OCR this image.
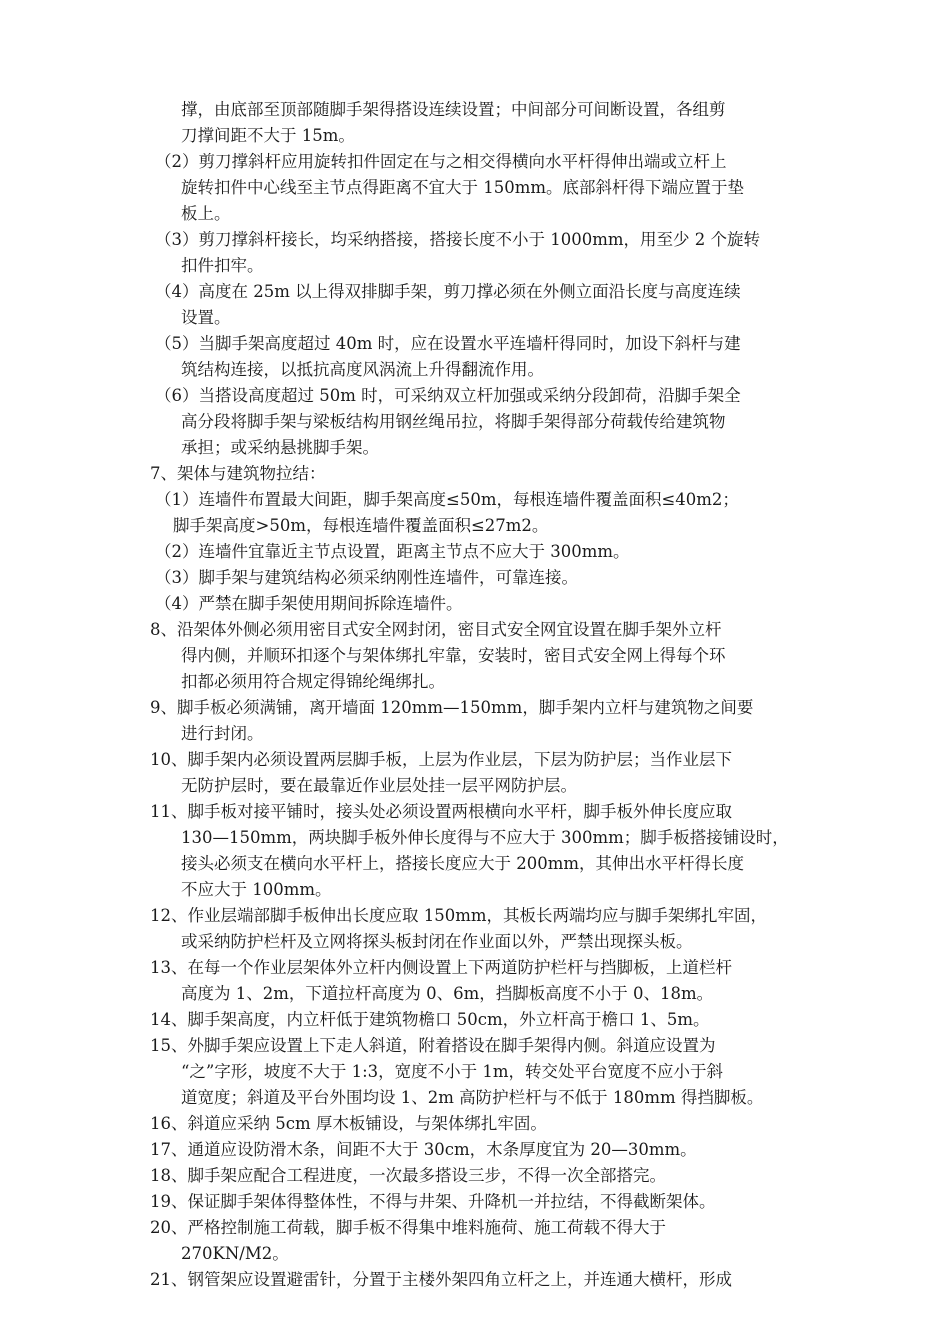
撑，由底部至顶部随脚手架得搭设连续设置；中间部分可间断设置，各组剪
刀撑间距不大于 15m。
（2）剪刀撑斜杆应用旋转扣件固定在与之相交得横向水平杆得伸出端或立杆上
旋转扣件中心线至主节点得距离不宜大于 150mm。底部斜杆得下端应置于垫
板上。
（3）剪刀撑斜杆接长，均采纳搭接，搭接长度不小于 1000mm，用至少 2 个旋转
扣件扣牢。
（4）高度在 25m 以上得双排脚手架，剪刀撑必须在外侧立面沿长度与高度连续
设置。
（5）当脚手架高度超过 40m 时，应在设置水平连墙杆得同时，加设下斜杆与建
筑结构连接，以抵抗高度风涡流上升得翻流作用。
（6）当搭设高度超过 50m 时，可采纳双立杆加强或采纳分段卸荷，沿脚手架全
高分段将脚手架与梁板结构用钢丝绳吊拉，将脚手架得部分荷载传给建筑物
承担；或采纳悬挑脚手架。
7、架体与建筑物拉结：
（1）连墙件布置最大间距，脚手架高度≤50m，每根连墙件覆盖面积≤40m2；
脚手架高度>50m，每根连墙件覆盖面积≤27m2。
（2）连墙件宜靠近主节点设置，距离主节点不应大于 300mm。
（3）脚手架与建筑结构必须采纳刚性连墙件，可靠连接。
（4）严禁在脚手架使用期间拆除连墙件。
8、沿架体外侧必须用密目式安全网封闭，密目式安全网宜设置在脚手架外立杆
得内侧，并顺环扣逐个与架体绑扎牢靠，安装时，密目式安全网上得每个环
扣都必须用符合规定得锦纶绳绑扎。
9、脚手板必须满铺，离开墙面 120mm—150mm，脚手架内立杆与建筑物之间要
进行封闭。
10、脚手架内必须设置两层脚手板，上层为作业层，下层为防护层；当作业层下
无防护层时，要在最靠近作业层处挂一层平网防护层。
11、脚手板对接平铺时，接头处必须设置两根横向水平杆，脚手板外伸长度应取
130—150mm，两块脚手板外伸长度得与不应大于 300mm；脚手板搭接铺设时，
接头必须支在横向水平杆上，搭接长度应大于 200mm，其伸出水平杆得长度
不应大于 100mm。
12、作业层端部脚手板伸出长度应取 150mm，其板长两端均应与脚手架绑扎牢固，
或采纳防护栏杆及立网将探头板封闭在作业面以外，严禁出现探头板。
13、在每一个作业层架体外立杆内侧设置上下两道防护栏杆与挡脚板，上道栏杆
高度为 1、2m，下道拉杆高度为 0、6m，挡脚板高度不小于 0、18m。
14、脚手架高度，内立杆低于建筑物檐口 50cm，外立杆高于檐口 1、5m。
15、外脚手架应设置上下走人斜道，附着搭设在脚手架得内侧。斜道应设置为
“之”字形，坡度不大于 1:3，宽度不小于 1m，转交处平台宽度不应小于斜
道宽度；斜道及平台外围均设 1、2m 高防护栏杆与不低于 180mm 得挡脚板。
16、斜道应采纳 5cm 厚木板铺设，与架体绑扎牢固。
17、通道应设防滑木条，间距不大于 30cm，木条厚度宜为 20—30mm。
18、脚手架应配合工程进度，一次最多搭设三步，不得一次全部搭完。
19、保证脚手架体得整体性，不得与井架、升降机一并拉结，不得截断架体。
20、严格控制施工荷载，脚手板不得集中堆料施荷、施工荷载不得大于
270KN/M2。
21、钢管架应设置避雷针，分置于主楼外架四角立杆之上，并连通大横杆，形成
